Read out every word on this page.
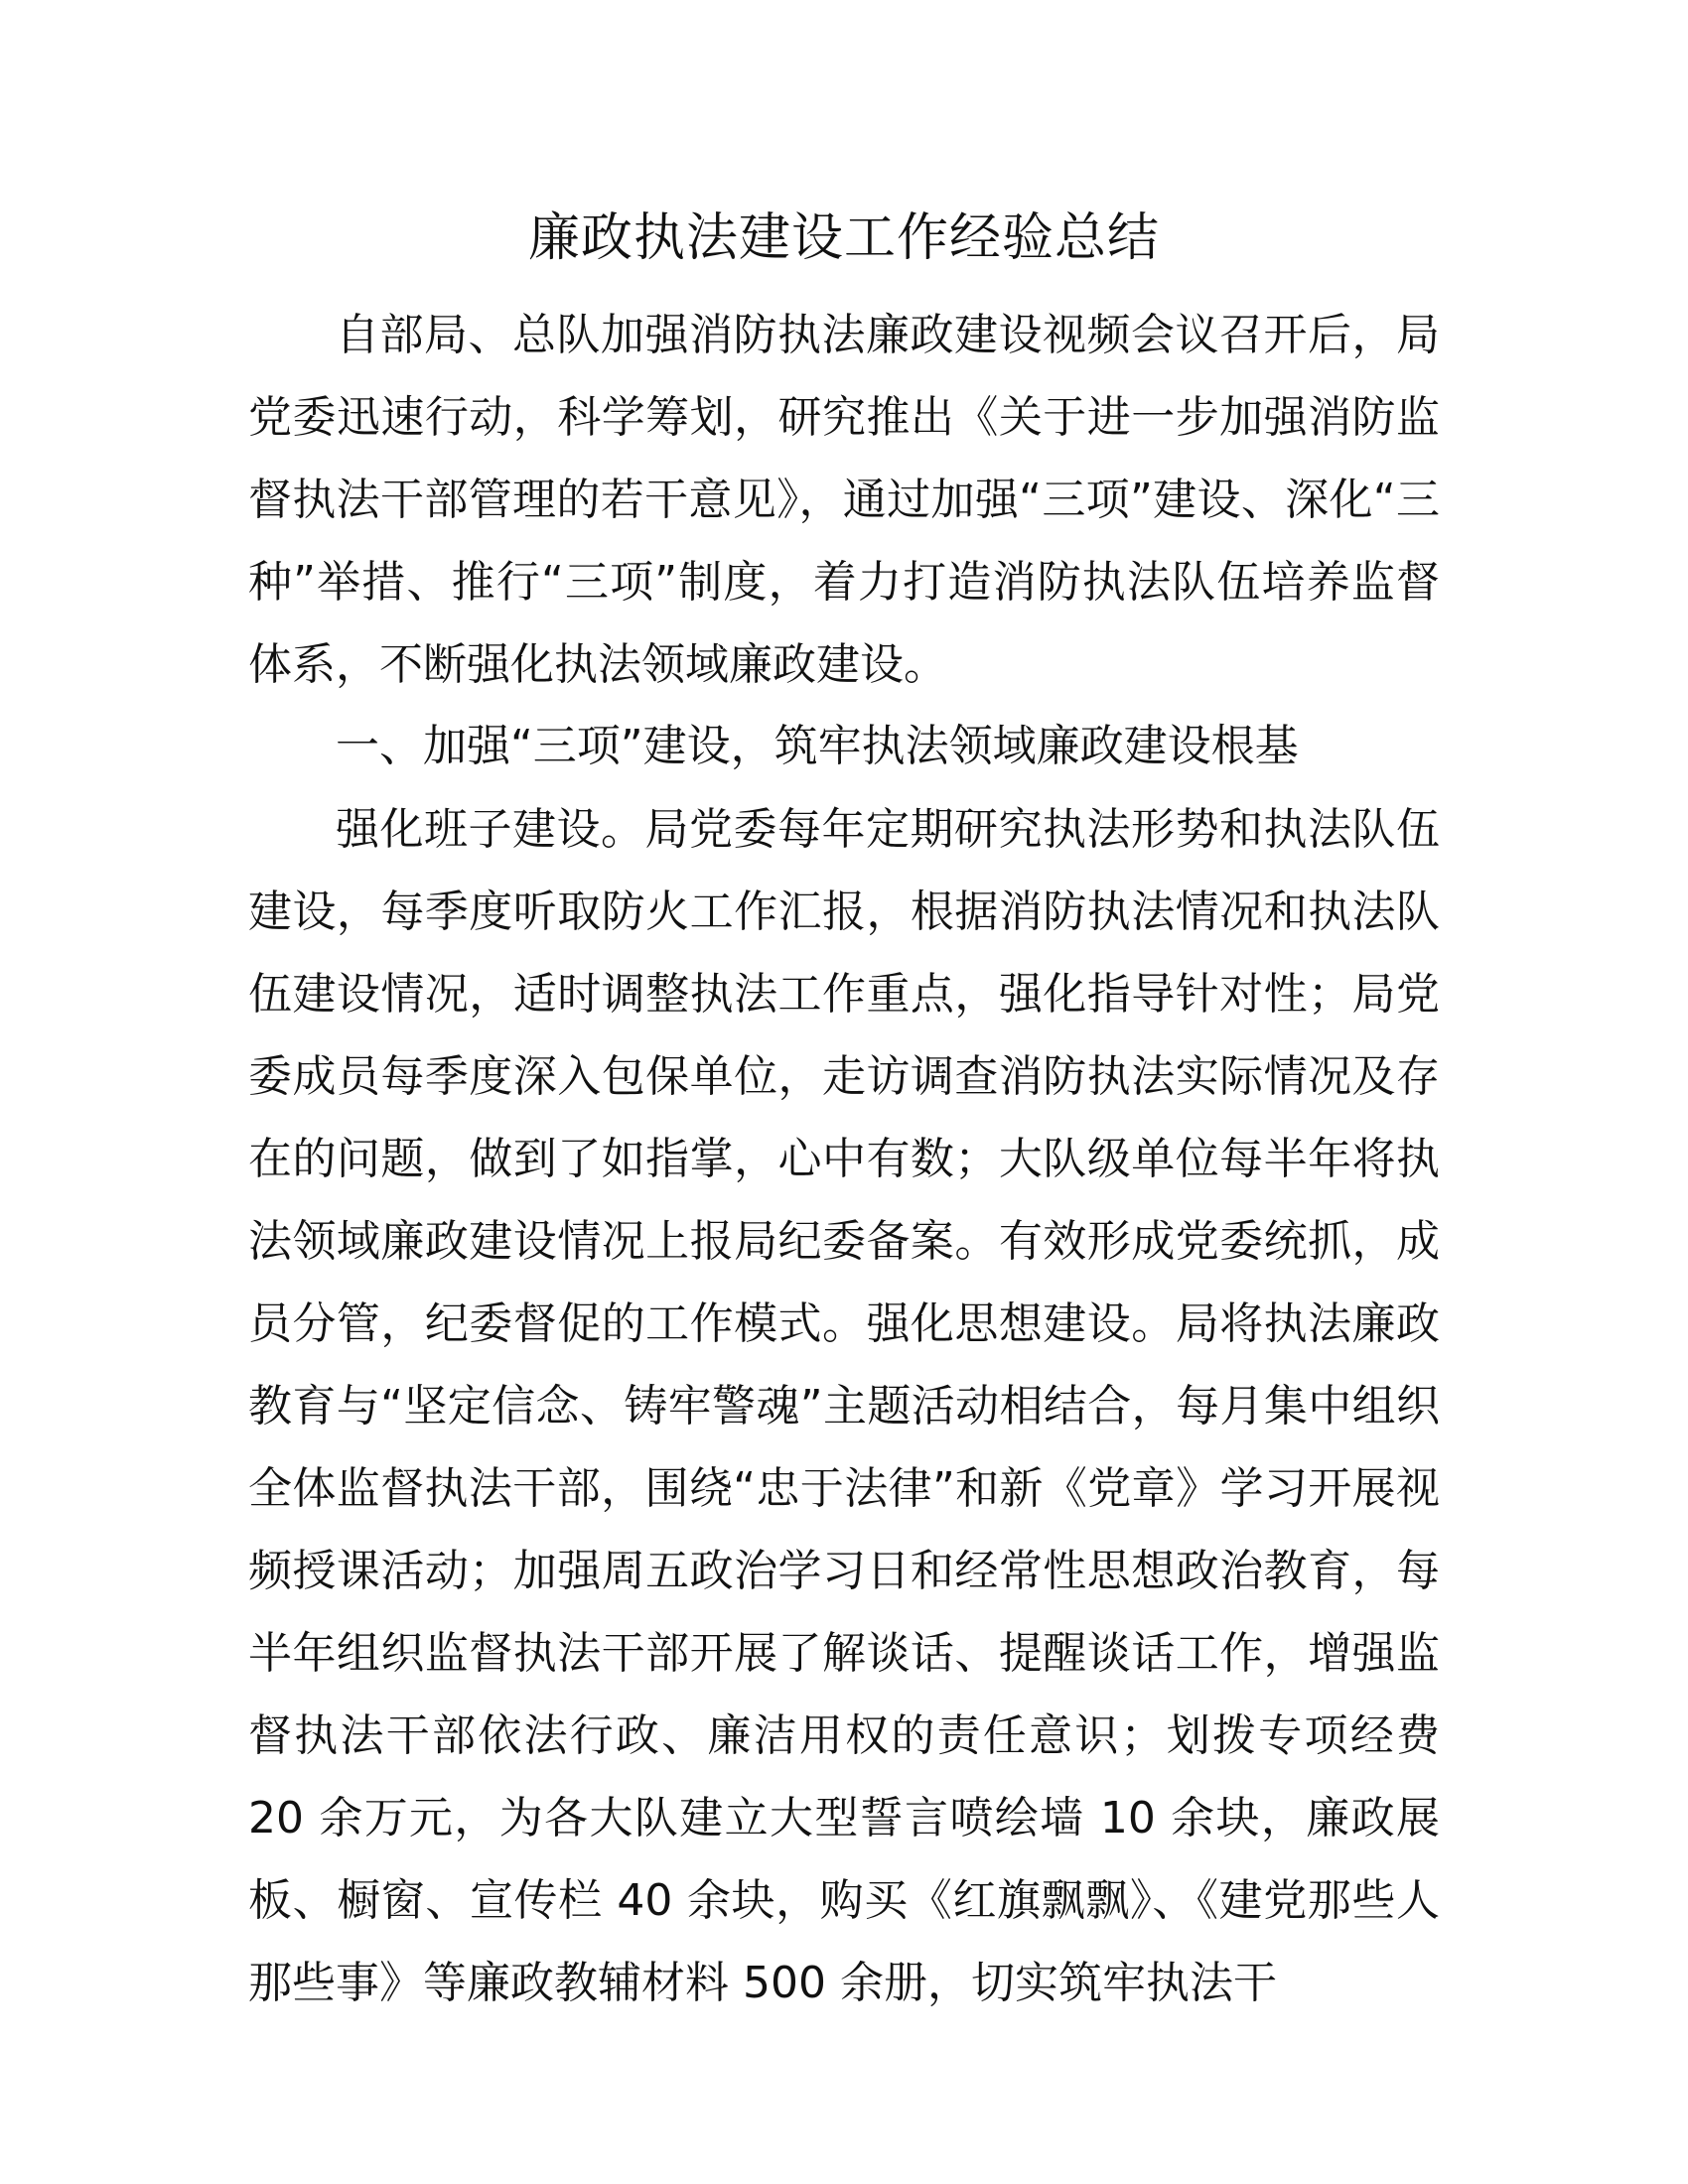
廉政执法建设工作经验总结

自部局、总队加强消防执法廉政建设视频会议召开后，局党委迅速行动，科学筹划，研究推出《关于进一步加强消防监督执法干部管理的若干意见》，通过加强“三项”建设、深化“三种”举措、推行“三项”制度，着力打造消防执法队伍培养监督体系，不断强化执法领域廉政建设。

一、加强“三项”建设，筑牢执法领域廉政建设根基

强化班子建设。局党委每年定期研究执法形势和执法队伍建设，每季度听取防火工作汇报，根据消防执法情况和执法队伍建设情况，适时调整执法工作重点，强化指导针对性；局党委成员每季度深入包保单位，走访调查消防执法实际情况及存在的问题，做到了如指掌，心中有数；大队级单位每半年将执法领域廉政建设情况上报局纪委备案。有效形成党委统抓，成员分管，纪委督促的工作模式。强化思想建设。局将执法廉政教育与“坚定信念、铸牢警魂”主题活动相结合，每月集中组织全体监督执法干部，围绕“忠于法律”和新《党章》学习开展视频授课活动；加强周五政治学习日和经常性思想政治教育，每半年组织监督执法干部开展了解谈话、提醒谈话工作，增强监督执法干部依法行政、廉洁用权的责任意识；划拨专项经费 20 余万元，为各大队建立大型誓言喷绘墙 10 余块，廉政展板、橱窗、宣传栏 40 余块，购买《红旗飘飘》、《建党那些人那些事》等廉政教辅材料 500 余册，切实筑牢执法干
